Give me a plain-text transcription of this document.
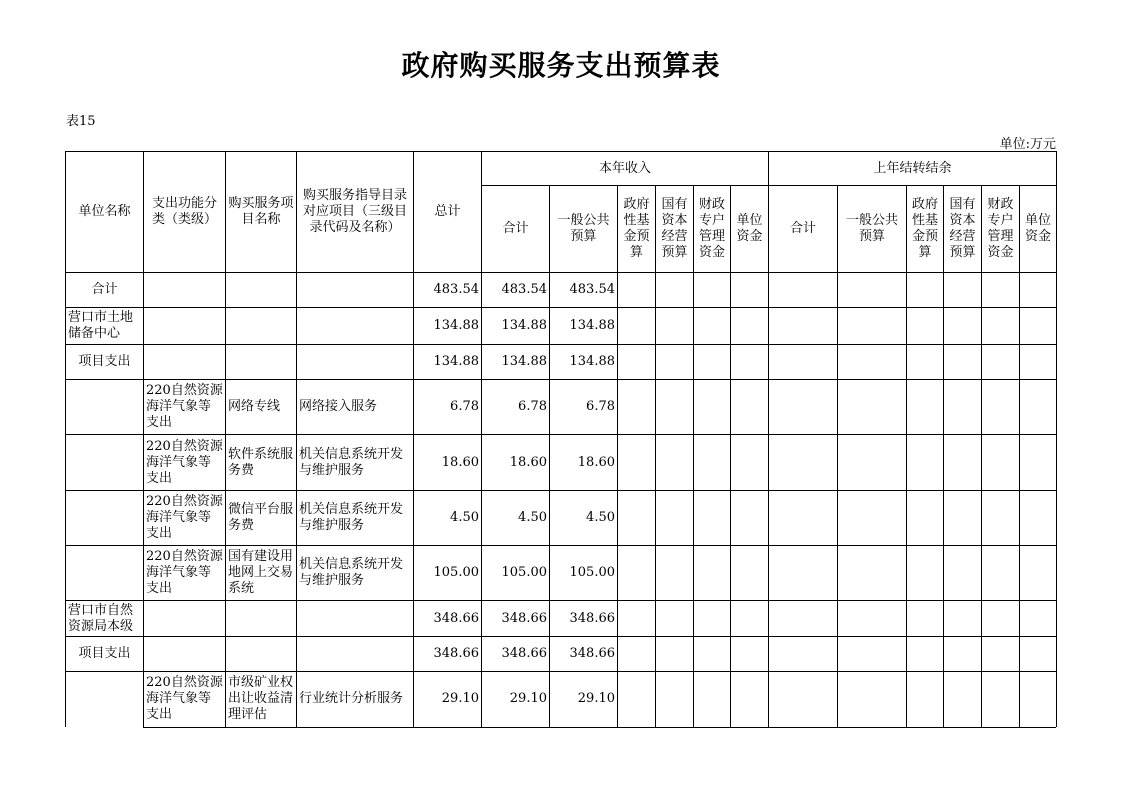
政府购买服务支出预算表
表15
单位:万元
单位名称	支出功能分类（类级）	购买服务项目名称	购买服务指导目录对应项目（三级目录代码及名称）	总计	本年收入						上年结转结余					
					合计	一般公共预算	政府性基金预算	国有资本经营预算	财政专户管理资金	单位资金	合计	一般公共预算	政府性基金预算	国有资本经营预算	财政专户管理资金	单位资金
合计				483.54	483.54	483.54										
营口市土地储备中心				134.88	134.88	134.88										
项目支出				134.88	134.88	134.88										
	220自然资源海洋气象等支出	网络专线	网络接入服务	6.78	6.78	6.78										
	220自然资源海洋气象等支出	软件系统服务费	机关信息系统开发与维护服务	18.60	18.60	18.60										
	220自然资源海洋气象等支出	微信平台服务费	机关信息系统开发与维护服务	4.50	4.50	4.50										
	220自然资源海洋气象等支出	国有建设用地网上交易系统	机关信息系统开发与维护服务	105.00	105.00	105.00										
营口市自然资源局本级				348.66	348.66	348.66										
项目支出				348.66	348.66	348.66										
	220自然资源海洋气象等支出	市级矿业权出让收益清理评估	行业统计分析服务	29.10	29.10	29.10										
